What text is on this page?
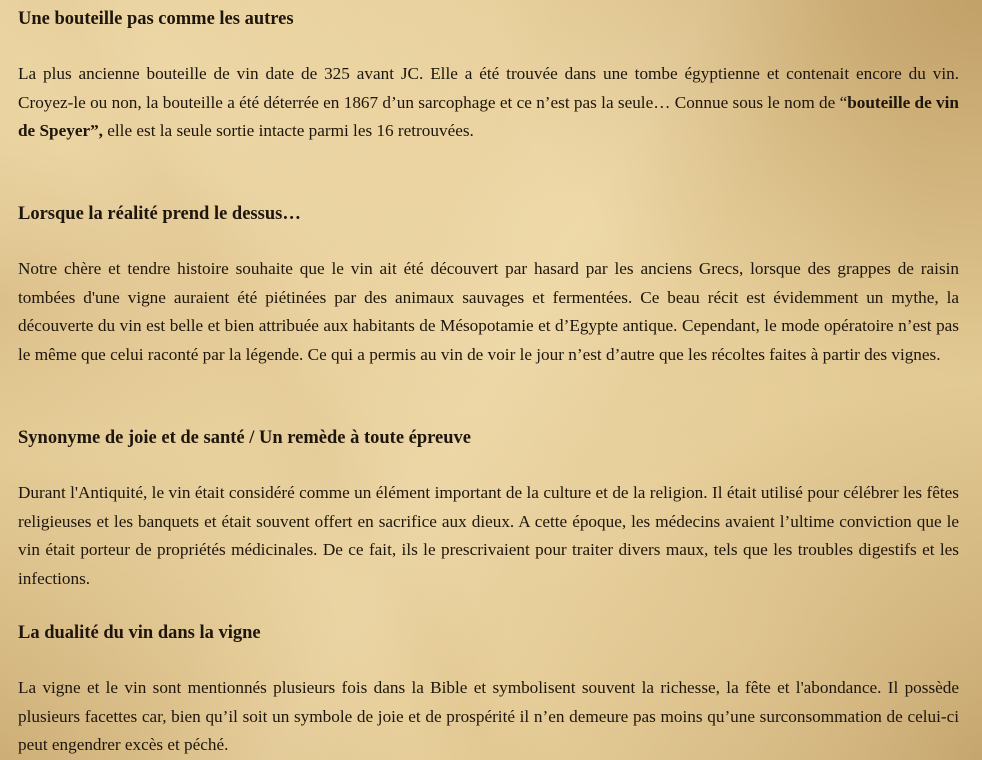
Une bouteille pas comme les autres

La plus ancienne bouteille de vin date de 325 avant JC. Elle a été trouvée dans une tombe égyptienne et contenait encore du vin. Croyez-le ou non, la bouteille a été déterrée en 1867 d’un sarcophage et ce n’est pas la seule… Connue sous le nom de “bouteille de vin de Speyer”, elle est la seule sortie intacte parmi les 16 retrouvées.

Lorsque la réalité prend le dessus…

Notre chère et tendre histoire souhaite que le vin ait été découvert par hasard par les anciens Grecs, lorsque des grappes de raisin tombées d'une vigne auraient été piétinées par des animaux sauvages et fermentées. Ce beau récit est évidemment un mythe, la découverte du vin est belle et bien attribuée aux habitants de Mésopotamie et d’Egypte antique. Cependant, le mode opératoire n’est pas le même que celui raconté par la légende. Ce qui a permis au vin de voir le jour n’est d’autre que les récoltes faites à partir des vignes.

Synonyme de joie et de santé / Un remède à toute épreuve

Durant l'Antiquité, le vin était considéré comme un élément important de la culture et de la religion. Il était utilisé pour célébrer les fêtes religieuses et les banquets et était souvent offert en sacrifice aux dieux. A cette époque, les médecins avaient l’ultime conviction que le vin était porteur de propriétés médicinales. De ce fait, ils le prescrivaient pour traiter divers maux, tels que les troubles digestifs et les infections.

La dualité du vin dans la vigne

La vigne et le vin sont mentionnés plusieurs fois dans la Bible et symbolisent souvent la richesse, la fête et l'abondance. Il possède plusieurs facettes car, bien qu’il soit un symbole de joie et de prospérité il n’en demeure pas moins qu’une surconsommation de celui-ci peut engendrer excès et péché.
